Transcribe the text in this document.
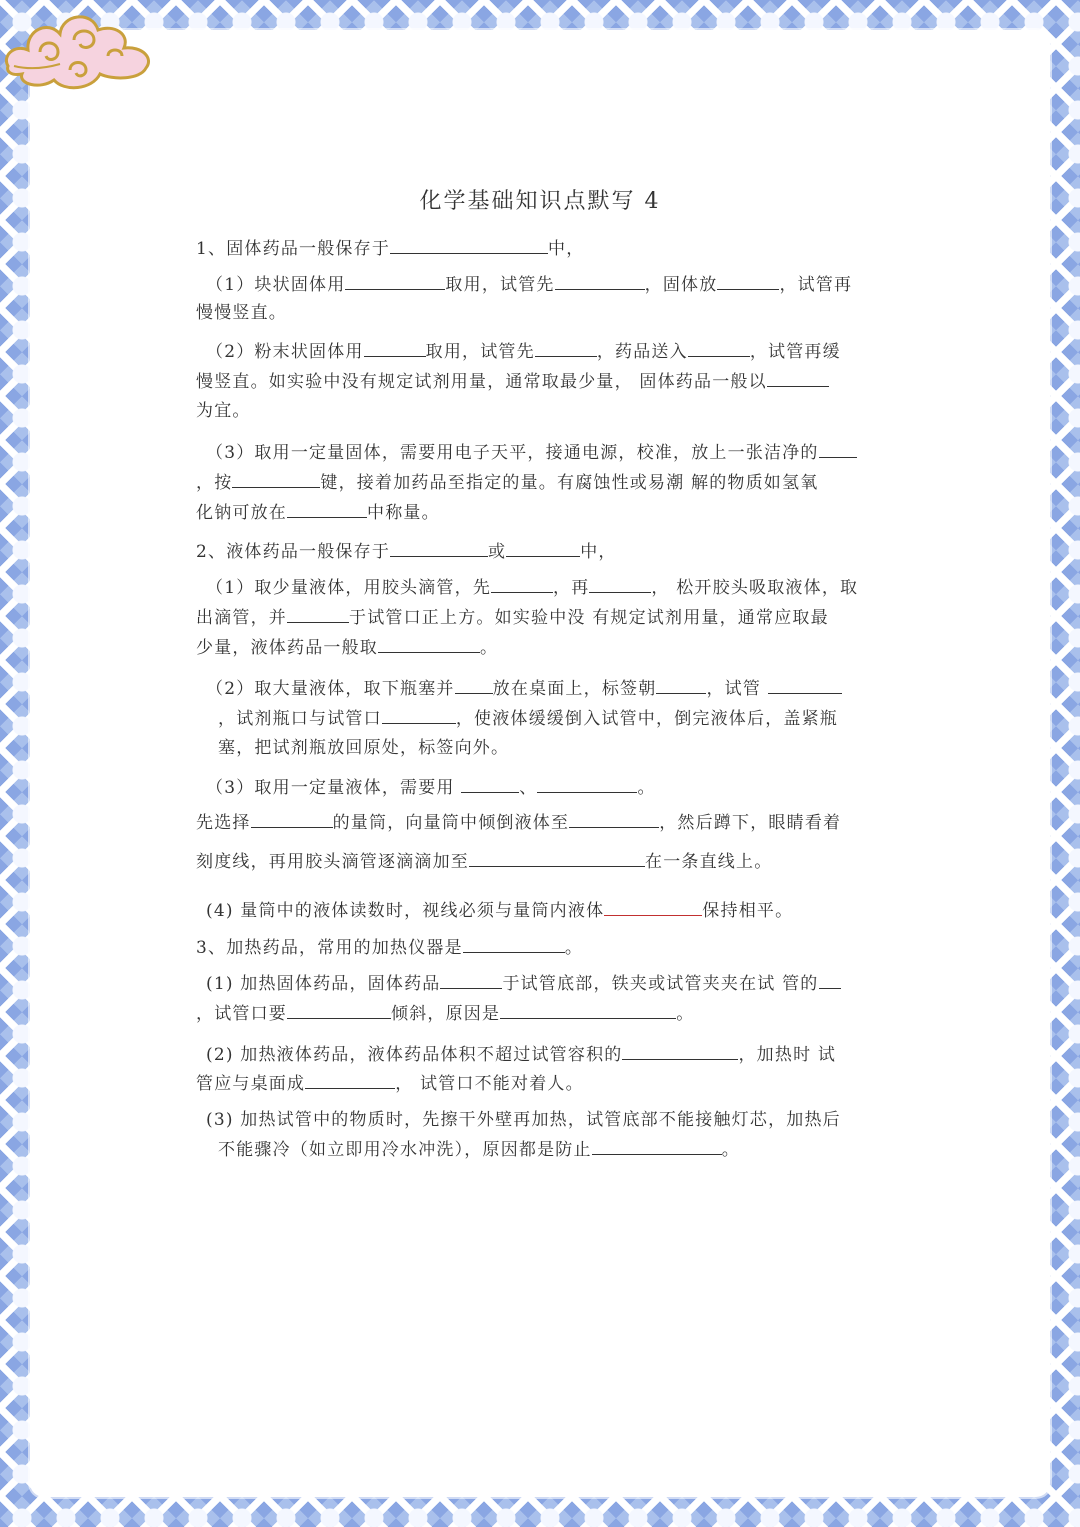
化学基础知识点默写 4
1、固体药品一般保存于	中，
（1）块状固体用	取用，试管先	，固体放	，试管再
慢慢竖直。
（2）粉末状固体用	取用，试管先	，药品送入	，试管再缓
慢竖直。如实验中没有规定试剂用量，通常取最少量， 固体药品一般以
为宜。
（3）取用一定量固体，需要用电子天平，接通电源，校准，放上一张洁净的
，按	键，接着加药品至指定的量。有腐蚀性或易潮 解的物质如氢氧
化钠可放在	中称量。
2、液体药品一般保存于	或	中，
（1）取少量液体，用胶头滴管，先	，再	， 松开胶头吸取液体，取
出滴管，并	于试管口正上方。如实验中没 有规定试剂用量，通常应取最
少量，液体药品一般取	。
（2）取大量液体，取下瓶塞并 放在桌面上，标签朝	，试管
，试剂瓶口与试管口	，使液体缓缓倒入试管中，倒完液体后，盖紧瓶
塞，把试剂瓶放回原处，标签向外。
（3）取用一定量液体，需要用	、	。
先选择	的量筒，向量筒中倾倒液体至	，然后蹲下，眼睛看着
刻度线，再用胶头滴管逐滴滴加至	在一条直线上。
(4) 量筒中的液体读数时，视线必须与量筒内液体	保持相平。
3、加热药品，常用的加热仪器是	。
(1) 加热固体药品，固体药品	于试管底部，铁夹或试管夹夹在试 管的
，试管口要	倾斜，原因是	。
(2) 加热液体药品，液体药品体积不超过试管容积的	，加热时 试
管应与桌面成	， 试管口不能对着人。
(3) 加热试管中的物质时，先擦干外壁再加热，试管底部不能接触灯芯，加热后
不能骤冷（如立即用冷水冲洗），原因都是防止	。
